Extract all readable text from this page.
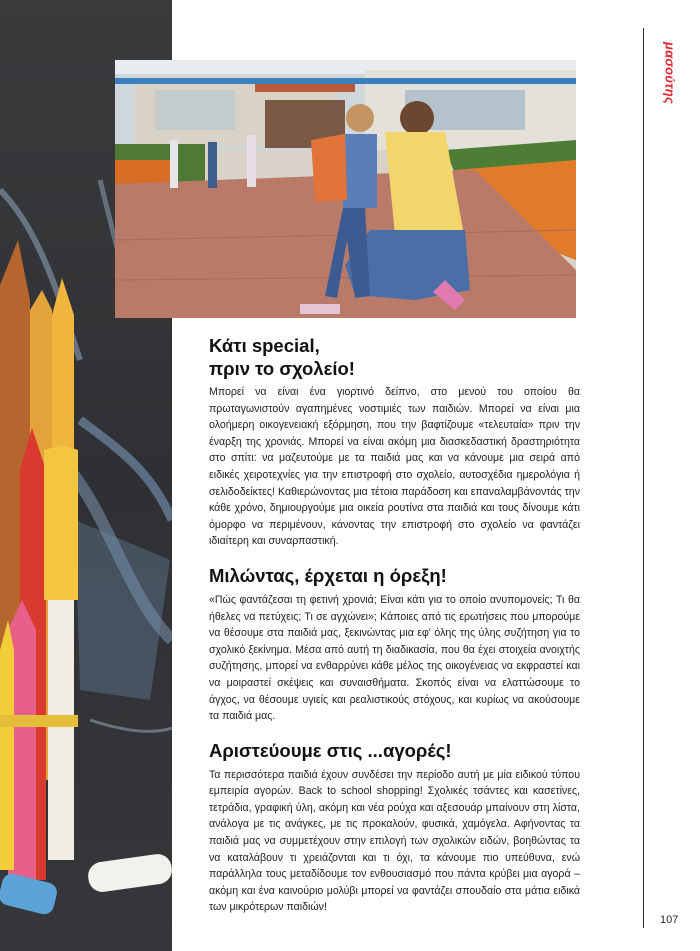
μασούτης
Κάτι special,
πριν το σχολείο!

Μπορεί να είναι ένα γιορτινό δείπνο, στο μενού του οποίου θα πρωταγωνιστούν αγαπημένες νοστιμιές των παιδιών. Μπορεί να είναι μια ολοήμερη οικογενειακή εξόρμηση, που την βαφτίζουμε «τελευταία» πριν την έναρξη της χρονιάς. Μπορεί να είναι ακόμη μια διασκεδαστική δραστηριότητα στο σπίτι: να μαζευτούμε με τα παιδιά μας και να κάνουμε μια σειρά από ειδικές χειροτεχνίες για την επιστροφή στο σχολείο, αυτοσχέδια ημερολόγια ή σελιδοδείκτες! Καθιερώνοντας μια τέτοια παράδοση και επαναλαμβάνοντάς την κάθε χρόνο, δημιουργούμε μια οικεία ρουτίνα στα παιδιά και τους δίνουμε κάτι όμορφο να περιμένουν, κάνοντας την επιστροφή στο σχολείο να φαντάζει ιδιαίτερη και συναρπαστική.

Μιλώντας, έρχεται η όρεξη!

«Πώς φαντάζεσαι τη φετινή χρονιά; Είναι κάτι για το οποίο ανυπομονείς; Τι θα ήθελες να πετύχεις; Τι σε αγχώνει»; Κάποιες από τις ερωτήσεις που μπορούμε να θέσουμε στα παιδιά μας, ξεκινώντας μια εφ' όλης της ύλης συζήτηση για το σχολικό ξεκίνημα. Μέσα από αυτή τη διαδικασία, που θα έχει στοιχεία ανοιχτής συζήτησης, μπορεί να ενθαρρύνει κάθε μέλος της οικογένειας να εκφραστεί και να μοιραστεί σκέψεις και συναισθήματα. Σκοπός είναι να ελαττώσουμε το άγχος, να θέσουμε υγιείς και ρεαλιστικούς στόχους, και κυρίως να ακούσουμε τα παιδιά μας.

Αριστεύουμε στις ...αγορές!

Τα περισσότερα παιδιά έχουν συνδέσει την περίοδο αυτή με μία ειδικού τύπου εμπειρία αγορών. Back to school shopping! Σχολικές τσάντες και κασετίνες, τετράδια, γραφική ύλη, ακόμη και νέα ρούχα και αξεσουάρ μπαίνουν στη λίστα, ανάλογα με τις ανάγκες, με τις προκαλούν, φυσικά, χαμόγελα. Αφήνοντας τα παιδιά μας να συμμετέχουν στην επιλογή των σχολικών ειδών, βοηθώντας τα να καταλάβουν τι χρειάζονται και τι όχι, τα κάνουμε πιο υπεύθυνα, ενώ παράλληλα τους μεταδίδουμε τον ενθουσιασμό που πάντα κρύβει μια αγορά – ακόμη και ένα καινούριο μολύβι μπορεί να φαντάζει σπουδαίο στα μάτια ειδικά των μικρότερων παιδιών!

107
